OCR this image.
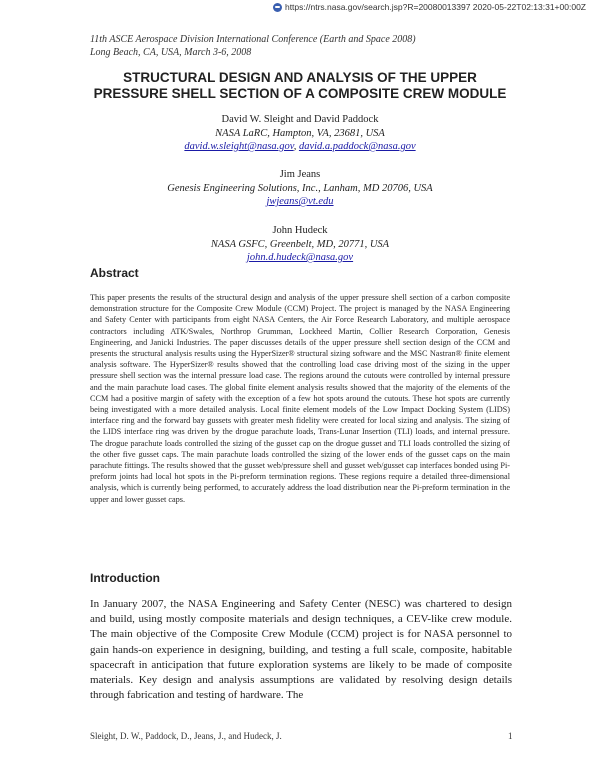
https://ntrs.nasa.gov/search.jsp?R=20080013397 2020-05-22T02:13:31+00:00Z
11th ASCE Aerospace Division International Conference (Earth and Space 2008)
Long Beach, CA, USA, March 3-6, 2008
STRUCTURAL DESIGN AND ANALYSIS OF THE UPPER
PRESSURE SHELL SECTION OF A COMPOSITE CREW MODULE
David W. Sleight and David Paddock
NASA LaRC, Hampton, VA, 23681, USA
david.w.sleight@nasa.gov, david.a.paddock@nasa.gov
Jim Jeans
Genesis Engineering Solutions, Inc., Lanham, MD 20706, USA
jwjeans@vt.edu
John Hudeck
NASA GSFC, Greenbelt, MD, 20771, USA
john.d.hudeck@nasa.gov
Abstract
This paper presents the results of the structural design and analysis of the upper pressure shell section of a carbon composite demonstration structure for the Composite Crew Module (CCM) Project. The project is managed by the NASA Engineering and Safety Center with participants from eight NASA Centers, the Air Force Research Laboratory, and multiple aerospace contractors including ATK/Swales, Northrop Grumman, Lockheed Martin, Collier Research Corporation, Genesis Engineering, and Janicki Industries. The paper discusses details of the upper pressure shell section design of the CCM and presents the structural analysis results using the HyperSizer® structural sizing software and the MSC Nastran® finite element analysis software. The HyperSizer® results showed that the controlling load case driving most of the sizing in the upper pressure shell section was the internal pressure load case. The regions around the cutouts were controlled by internal pressure and the main parachute load cases. The global finite element analysis results showed that the majority of the elements of the CCM had a positive margin of safety with the exception of a few hot spots around the cutouts. These hot spots are currently being investigated with a more detailed analysis. Local finite element models of the Low Impact Docking System (LIDS) interface ring and the forward bay gussets with greater mesh fidelity were created for local sizing and analysis. The sizing of the LIDS interface ring was driven by the drogue parachute loads, Trans-Lunar Insertion (TLI) loads, and internal pressure. The drogue parachute loads controlled the sizing of the gusset cap on the drogue gusset and TLI loads controlled the sizing of the other five gusset caps. The main parachute loads controlled the sizing of the lower ends of the gusset caps on the main parachute fittings. The results showed that the gusset web/pressure shell and gusset web/gusset cap interfaces bonded using Pi-preform joints had local hot spots in the Pi-preform termination regions. These regions require a detailed three-dimensional analysis, which is currently being performed, to accurately address the load distribution near the Pi-preform termination in the upper and lower gusset caps.
Introduction
In January 2007, the NASA Engineering and Safety Center (NESC) was chartered to design and build, using mostly composite materials and design techniques, a CEV-like crew module. The main objective of the Composite Crew Module (CCM) project is for NASA personnel to gain hands-on experience in designing, building, and testing a full scale, composite, habitable spacecraft in anticipation that future exploration systems are likely to be made of composite materials. Key design and analysis assumptions are validated by resolving design details through fabrication and testing of hardware. The
Sleight, D. W., Paddock, D., Jeans, J., and Hudeck, J.	1
